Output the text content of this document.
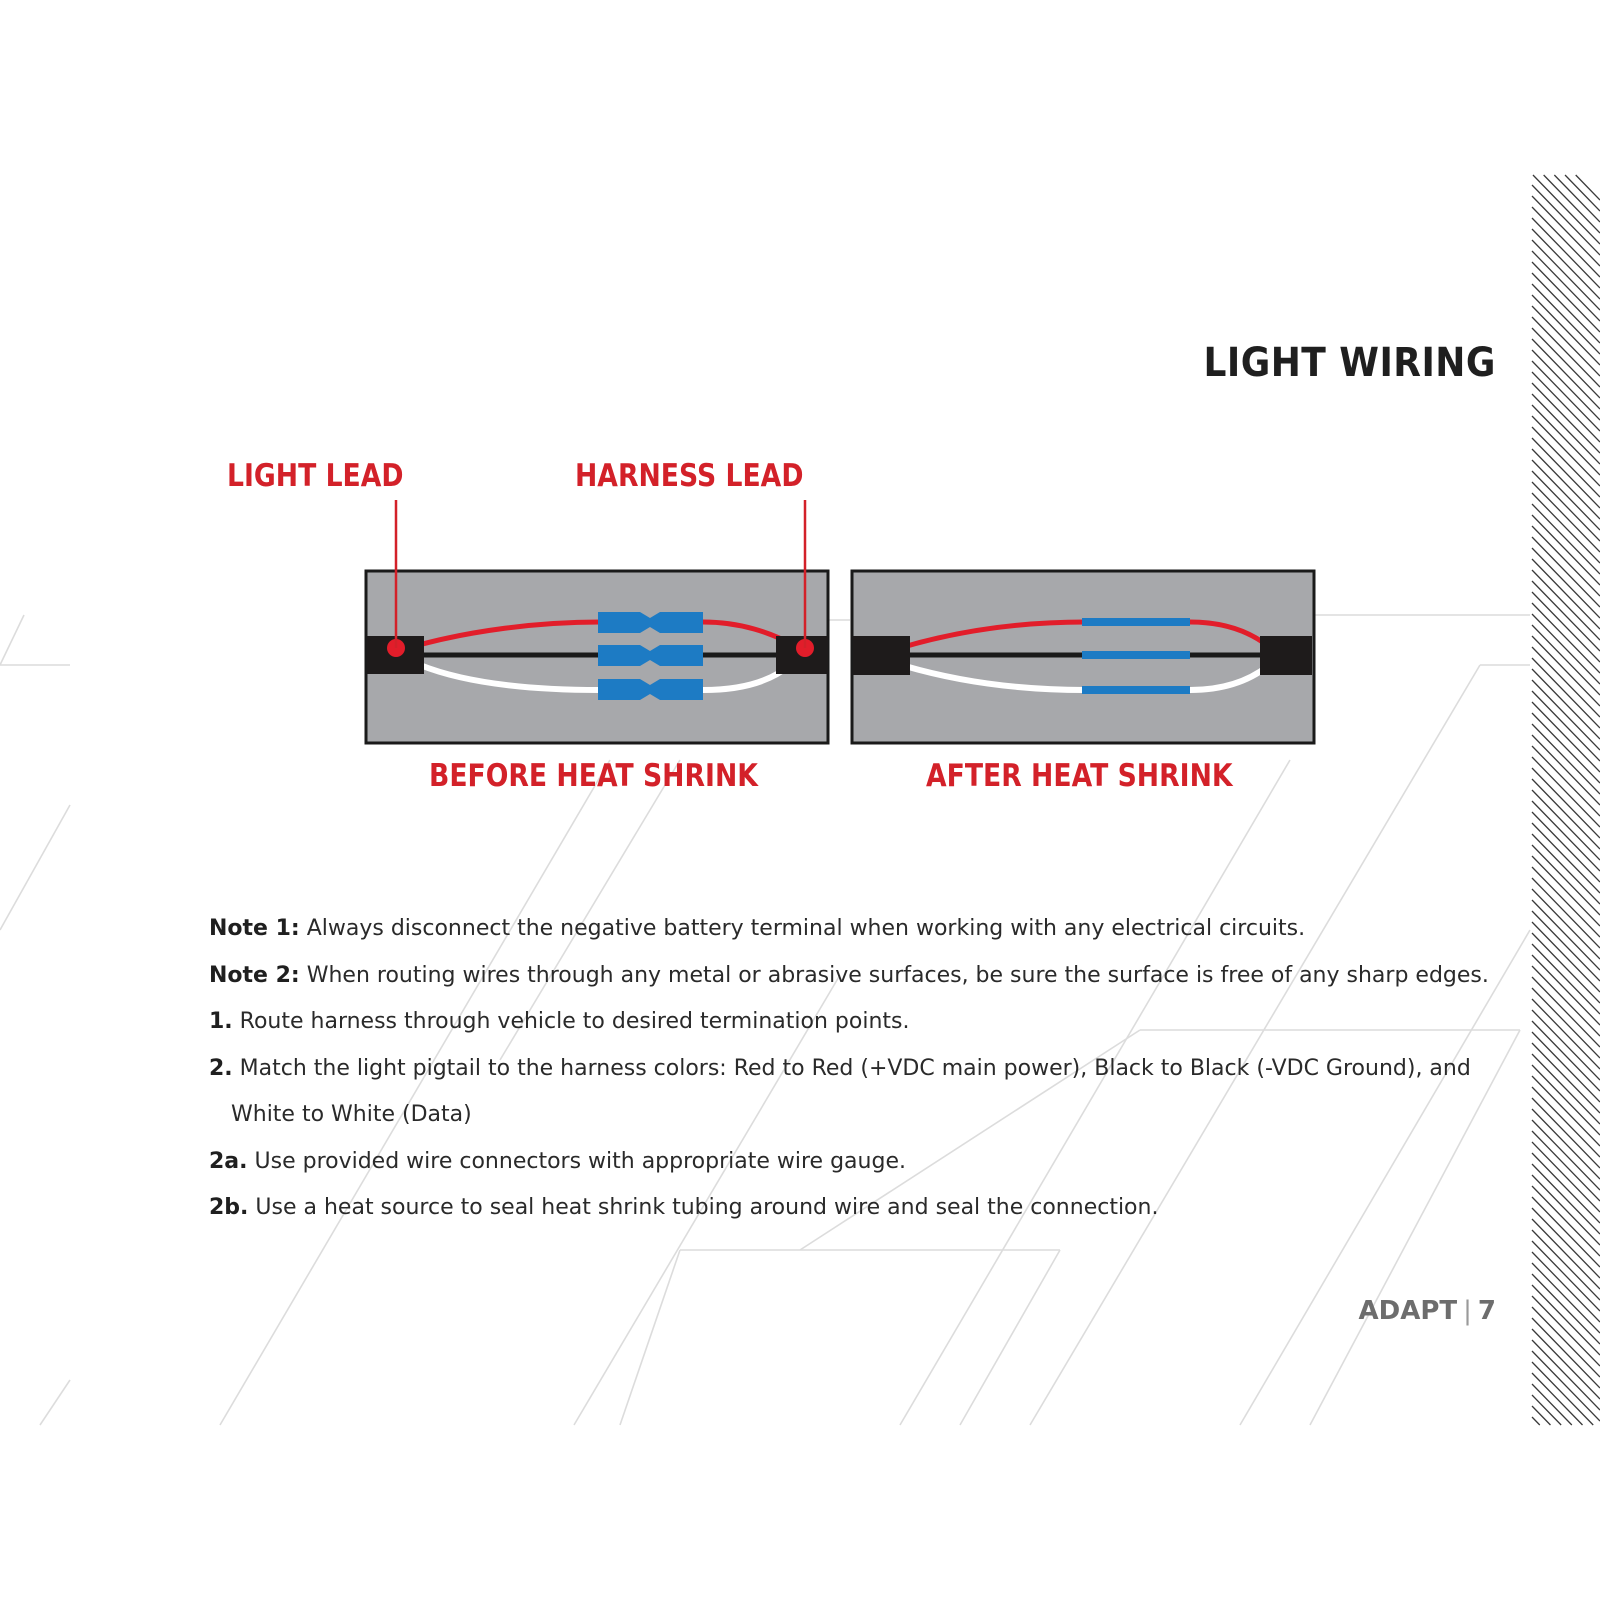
LIGHT WIRING
LIGHT LEAD	HARNESS LEAD
BEFORE HEAT SHRINK	AFTER HEAT SHRINK
Note 1: Always disconnect the negative battery terminal when working with any electrical circuits.
Note 2: When routing wires through any metal or abrasive surfaces, be sure the surface is free of any sharp edges.
1. Route harness through vehicle to desired termination points.
2. Match the light pigtail to the harness colors: Red to Red (+VDC main power), Black to Black (-VDC Ground), and
White to White (Data)
2a. Use provided wire connectors with appropriate wire gauge.
2b. Use a heat source to seal heat shrink tubing around wire and seal the connection.
ADAPT | 7
